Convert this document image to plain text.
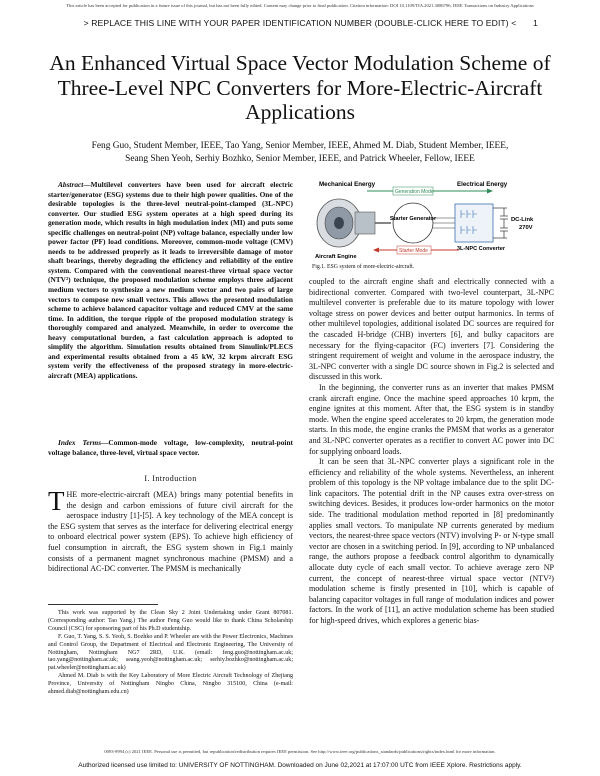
This article has been accepted for publication in a future issue of this journal, but has not been fully edited. Content may change prior to final publication. Citation information: DOI 10.1109/TIA.2021.3086796, IEEE Transactions on Industry Applications
> REPLACE THIS LINE WITH YOUR PAPER IDENTIFICATION NUMBER (DOUBLE-CLICK HERE TO EDIT) <	1
An Enhanced Virtual Space Vector Modulation Scheme of Three-Level NPC Converters for More-Electric-Aircraft Applications
Feng Guo, Student Member, IEEE, Tao Yang, Senior Member, IEEE, Ahmed M. Diab, Student Member, IEEE,
Seang Shen Yeoh, Serhiy Bozhko, Senior Member, IEEE, and Patrick Wheeler, Fellow, IEEE

Abstract—Multilevel converters have been used for aircraft electric starter/generator (ESG) systems due to their high power qualities. One of the desirable topologies is the three-level neutral-point-clamped (3L-NPC) converter. Our studied ESG system operates at a high speed during its generation mode, which results in high modulation index (MI) and puts some specific challenges on neutral-point (NP) voltage balance, especially under low power factor (PF) load conditions. Moreover, common-mode voltage (CMV) needs to be addressed properly as it leads to irreversible damage of motor shaft bearings, thereby degrading the efficiency and reliability of the entire system. Compared with the conventional nearest-three virtual space vector (NTV²) technique, the proposed modulation scheme employs three adjacent medium vectors to synthesize a new medium vector and two pairs of large vectors to compose new small vectors. This allows the presented modulation scheme to achieve balanced capacitor voltage and reduced CMV at the same time. In addition, the torque ripple of the proposed modulation strategy is thoroughly compared and analyzed. Meanwhile, in order to overcome the heavy computational burden, a fast calculation approach is adopted to simplify the algorithm. Simulation results obtained from Simulink/PLECS and experimental results obtained from a 45 kW, 32 krpm aircraft ESG system verify the effectiveness of the proposed strategy in more-electric-aircraft (MEA) applications.

Index Terms—Common-mode voltage, low-complexity, neutral-point voltage balance, three-level, virtual space vector.

I. Introduction

THE more-electric-aircraft (MEA) brings many potential benefits in the design and carbon emissions of future civil aircraft for the aerospace industry [1]-[5]. A key technology of the MEA concept is the ESG system that serves as the interface for delivering electrical energy to onboard electrical power system (EPS). To achieve high efficiency of fuel consumption in aircraft, the ESG system shown in Fig.1 mainly consists of a permanent magnet synchronous machine (PMSM) and a bidirectional AC-DC converter. The PMSM is mechanically

This work was supported by the Clean Sky 2 Joint Undertaking under Grant 807081. (Corresponding author: Tao Yang.) The author Feng Guo would like to thank China Scholarship Council (CSC) for sponsoring part of his Ph.D studentship.

F. Guo, T. Yang, S. S. Yeoh, S. Bozhko and P. Wheeler are with the Power Electronics, Machines and Control Group, the Department of Electrical and Electronic Engineering, The University of Nottingham, Nottingham NG7 2RD, U.K. (email: feng.guo@nottingham.ac.uk; tao.yang@nottingham.ac.uk; seang.yeoh@nottingham.ac.uk; serhiy.bozhko@nottingham.ac.uk; pat.wheeler@nottingham.ac.uk)

Ahmed M. Diab is with the Key Laboratory of More Electric Aircraft Technology of Zhejiang Province, University of Nottingham Ningbo China, Ningbo 315100, China (e-mail: ahmed.diab@nottingham.edu.cn)

Mechanical Energy	Electrical Energy
Generation Mode
Aircraft Engine
Starter Generator
3L-NPC Converter
DC-Link
270V
Starter Mode
Fig.1. ESG system of more-electric-aircraft.

coupled to the aircraft engine shaft and electrically connected with a bidirectional converter. Compared with two-level counterpart, 3L-NPC multilevel converter is preferable due to its mature topology with lower voltage stress on power devices and better output harmonics. In terms of other multilevel topologies, additional isolated DC sources are required for the cascaded H-bridge (CHB) inverters [6], and bulky capacitors are necessary for the flying-capacitor (FC) inverters [7]. Considering the stringent requirement of weight and volume in the aerospace industry, the 3L-NPC converter with a single DC source shown in Fig.2 is selected and discussed in this work.

In the beginning, the converter runs as an inverter that makes PMSM crank aircraft engine. Once the machine speed approaches 10 krpm, the engine ignites at this moment. After that, the ESG system is in standby mode. When the engine speed accelerates to 20 krpm, the generation mode starts. In this mode, the engine cranks the PMSM that works as a generator and 3L-NPC converter operates as a rectifier to convert AC power into DC for supplying onboard loads.

It can be seen that 3L-NPC converter plays a significant role in the efficiency and reliability of the whole systems. Nevertheless, an inherent problem of this topology is the NP voltage imbalance due to the split DC-link capacitors. The potential drift in the NP causes extra over-stress on switching devices. Besides, it produces low-order harmonics on the motor side. The traditional modulation method reported in [8] predominantly applies small vectors. To manipulate NP currents generated by medium vectors, the nearest-three space vectors (NTV) involving P- or N-type small vector are chosen in a switching period. In [9], according to NP unbalanced range, the authors propose a feedback control algorithm to dynamically allocate duty cycle of each small vector. To achieve average zero NP current, the concept of nearest-three virtual space vector (NTV²) modulation scheme is firstly presented in [10], which is capable of balancing capacitor voltages in full range of modulation indices and power factors. In the work of [11], an active modulation scheme has been studied for high-speed drives, which explores a generic bias-

0093-9994 (c) 2021 IEEE. Personal use is permitted, but republication/redistribution requires IEEE permission. See http://www.ieee.org/publications_standards/publications/rights/index.html for more information.
Authorized licensed use limited to: UNIVERSITY OF NOTTINGHAM. Downloaded on June 02,2021 at 17:07:00 UTC from IEEE Xplore. Restrictions apply.
